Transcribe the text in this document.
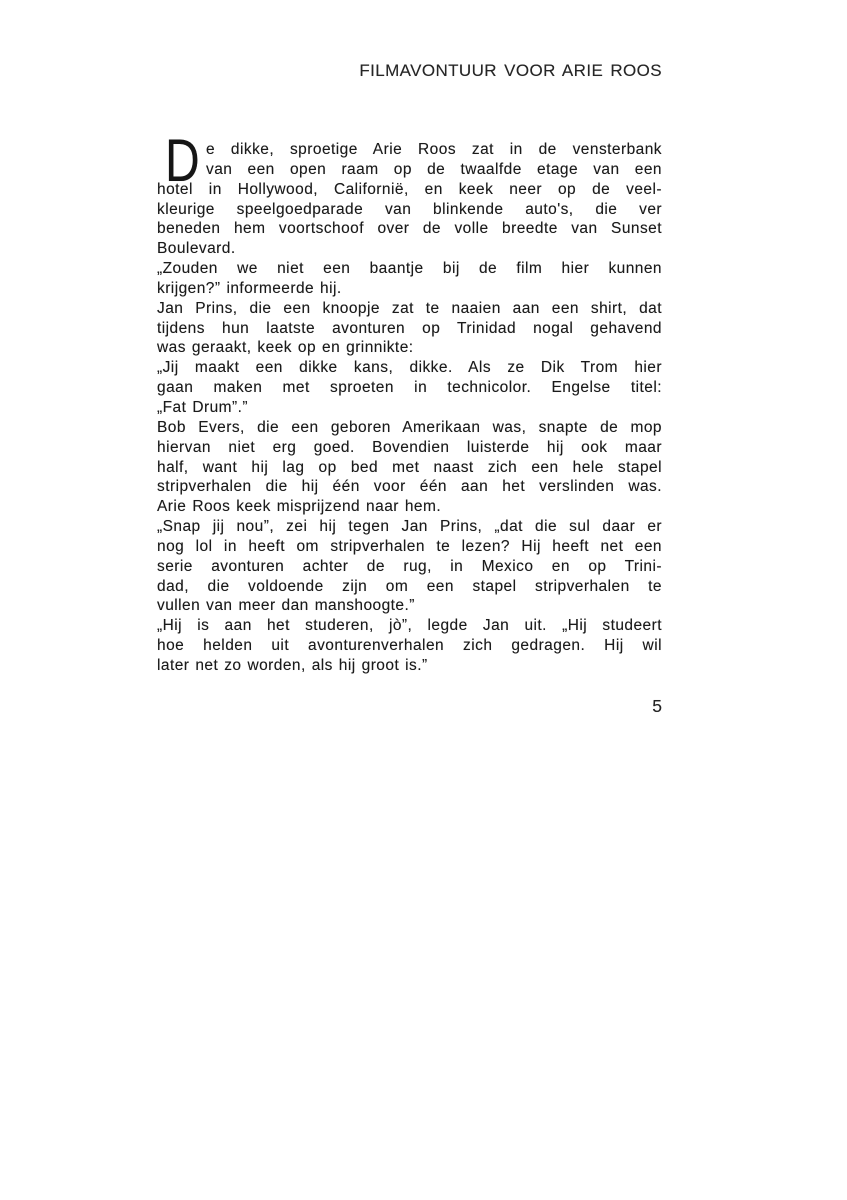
FILMAVONTUUR VOOR ARIE ROOS
D e dikke, sproetige Arie Roos zat in de vensterbank
van een open raam op de twaalfde etage van een
hotel in Hollywood, Californië, en keek neer op de veel-
kleurige speelgoedparade van blinkende auto's, die ver
beneden hem voortschoof over de volle breedte van Sunset
Boulevard.
„Zouden we niet een baantje bij de film hier kunnen
krijgen?” informeerde hij.
Jan Prins, die een knoopje zat te naaien aan een shirt, dat
tijdens hun laatste avonturen op Trinidad nogal gehavend
was geraakt, keek op en grinnikte:
„Jij maakt een dikke kans, dikke. Als ze Dik Trom hier
gaan maken met sproeten in technicolor. Engelse titel:
„Fat Drum”.”
Bob Evers, die een geboren Amerikaan was, snapte de mop
hiervan niet erg goed. Bovendien luisterde hij ook maar
half, want hij lag op bed met naast zich een hele stapel
stripverhalen die hij één voor één aan het verslinden was.
Arie Roos keek misprijzend naar hem.
„Snap jij nou”, zei hij tegen Jan Prins, „dat die sul daar er
nog lol in heeft om stripverhalen te lezen? Hij heeft net een
serie avonturen achter de rug, in Mexico en op Trini-
dad, die voldoende zijn om een stapel stripverhalen te
vullen van meer dan manshoogte.”
„Hij is aan het studeren, jò”, legde Jan uit. „Hij studeert
hoe helden uit avonturenverhalen zich gedragen. Hij wil
later net zo worden, als hij groot is.”
5
